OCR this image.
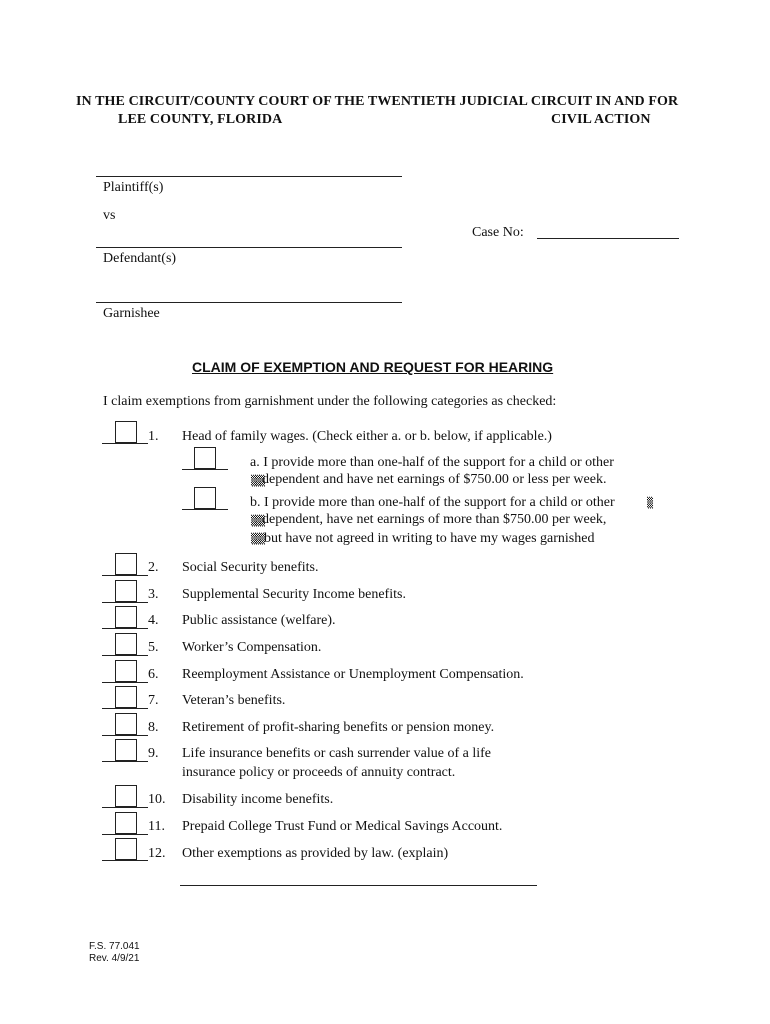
IN THE CIRCUIT/COUNTY COURT OF THE TWENTIETH JUDICIAL CIRCUIT IN AND FOR
LEE COUNTY, FLORIDA	CIVIL ACTION
Plaintiff(s)
vs
Defendant(s)
Garnishee
Case No:
CLAIM OF EXEMPTION AND REQUEST FOR HEARING
I claim exemptions from garnishment under the following categories as checked:
1. Head of family wages. (Check either a. or b. below, if applicable.)
a. I provide more than one-half of the support for a child or other
▒▒▒
dependent and have net earnings of $750.00 or less per week.
b. I provide more than one-half of the support for a child or other	▒
▒▒▒
dependent, have net earnings of more than $750.00 per week,
▒▒▒ but have not agreed in writing to have my wages garnished
2. Social Security benefits.
3. Supplemental Security Income benefits.
4. Public assistance (welfare).
5. Worker’s Compensation.
6. Reemployment Assistance or Unemployment Compensation.
7. Veteran’s benefits.
8. Retirement of profit-sharing benefits or pension money.
9. Life insurance benefits or cash surrender value of a life
insurance policy or proceeds of annuity contract.
10. Disability income benefits.
11. Prepaid College Trust Fund or Medical Savings Account.
12. Other exemptions as provided by law. (explain)
F.S. 77.041
Rev. 4/9/21
